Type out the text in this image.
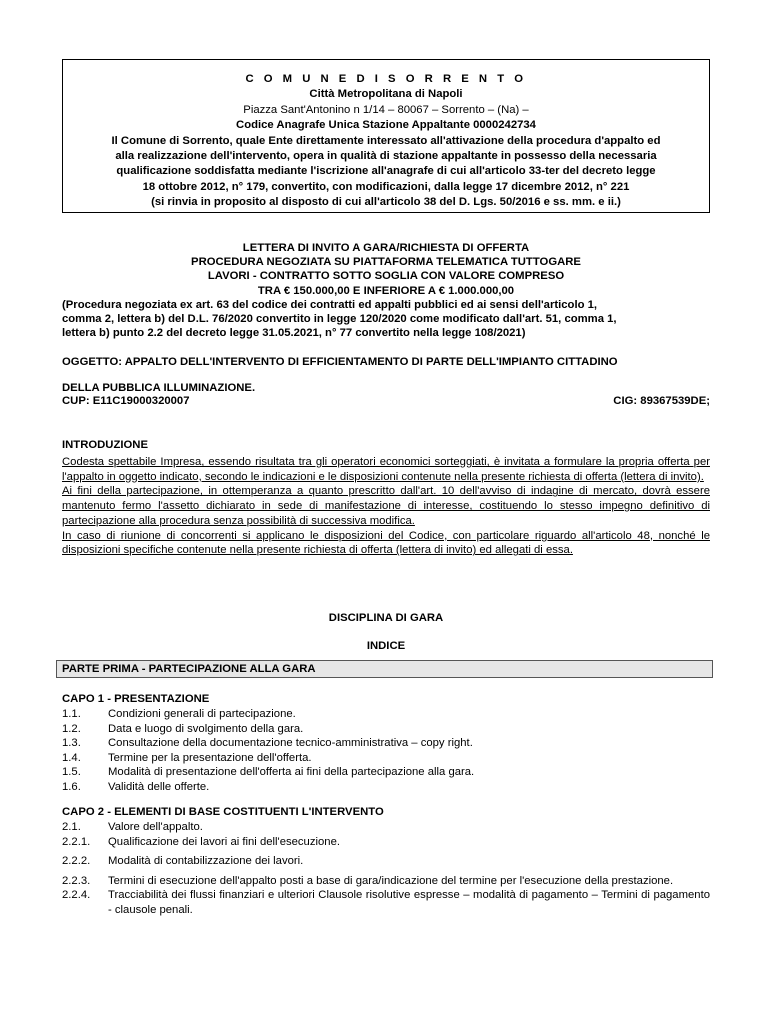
C O M U N E D I S O R R E N T O
Città Metropolitana di Napoli
Piazza Sant'Antonino n 1/14 – 80067 – Sorrento – (Na) –
Codice Anagrafe Unica Stazione Appaltante 0000242734
Il Comune di Sorrento, quale Ente direttamente interessato all'attivazione della procedura d'appalto ed
alla realizzazione dell'intervento, opera in qualità di stazione appaltante in possesso della necessaria
qualificazione soddisfatta mediante l'iscrizione all'anagrafe di cui all'articolo 33-ter del decreto legge
18 ottobre 2012, n° 179, convertito, con modificazioni, dalla legge 17 dicembre 2012, n° 221
(si rinvia in proposito al disposto di cui all'articolo 38 del D. Lgs. 50/2016 e ss. mm. e ii.)
LETTERA DI INVITO A GARA/RICHIESTA DI OFFERTA
PROCEDURA NEGOZIATA SU PIATTAFORMA TELEMATICA TUTTOGARE
LAVORI - CONTRATTO SOTTO SOGLIA CON VALORE COMPRESO
TRA € 150.000,00 E INFERIORE A € 1.000.000,00
(Procedura negoziata ex art. 63 del codice dei contratti ed appalti pubblici ed ai sensi dell'articolo 1,
comma 2, lettera b) del D.L. 76/2020 convertito in legge 120/2020 come modificato dall'art. 51, comma 1,
lettera b) punto 2.2 del decreto legge 31.05.2021, n° 77 convertito nella legge 108/2021)
OGGETTO: APPALTO DELL'INTERVENTO DI EFFICIENTAMENTO DI PARTE DELL'IMPIANTO CITTADINO
DELLA PUBBLICA ILLUMINAZIONE.
CUP: E11C19000320007	CIG: 89367539DE;
INTRODUZIONE

Codesta spettabile Impresa, essendo risultata tra gli operatori economici sorteggiati, è invitata a formulare la propria offerta per l'appalto in oggetto indicato, secondo le indicazioni e le disposizioni contenute nella presente richiesta di offerta (lettera di invito).

Ai fini della partecipazione, in ottemperanza a quanto prescritto dall'art. 10 dell'avviso di indagine di mercato, dovrà essere mantenuto fermo l'assetto dichiarato in sede di manifestazione di interesse, costituendo lo stesso impegno definitivo di partecipazione alla procedura senza possibilità di successiva modifica.

In caso di riunione di concorrenti si applicano le disposizioni del Codice, con particolare riguardo all'articolo 48, nonché le disposizioni specifiche contenute nella presente richiesta di offerta (lettera di invito) ed allegati di essa.

DISCIPLINA DI GARA
INDICE
PARTE PRIMA - PARTECIPAZIONE ALLA GARA
CAPO 1 - PRESENTAZIONE
1.1.	Condizioni generali di partecipazione.
1.2.	Data e luogo di svolgimento della gara.
1.3.	Consultazione della documentazione tecnico-amministrativa – copy right.
1.4.	Termine per la presentazione dell'offerta.
1.5.	Modalità di presentazione dell'offerta ai fini della partecipazione alla gara.
1.6.	Validità delle offerte.
CAPO 2 - ELEMENTI DI BASE COSTITUENTI L'INTERVENTO
2.1.	Valore dell'appalto.
2.2.1.	Qualificazione dei lavori ai fini dell'esecuzione.
2.2.2.	Modalità di contabilizzazione dei lavori.
2.2.3.	Termini di esecuzione dell'appalto posti a base di gara/indicazione del termine per l'esecuzione della prestazione.
2.2.4.	Tracciabilità dei flussi finanziari e ulteriori Clausole risolutive espresse – modalità di pagamento – Termini di pagamento - clausole penali.
